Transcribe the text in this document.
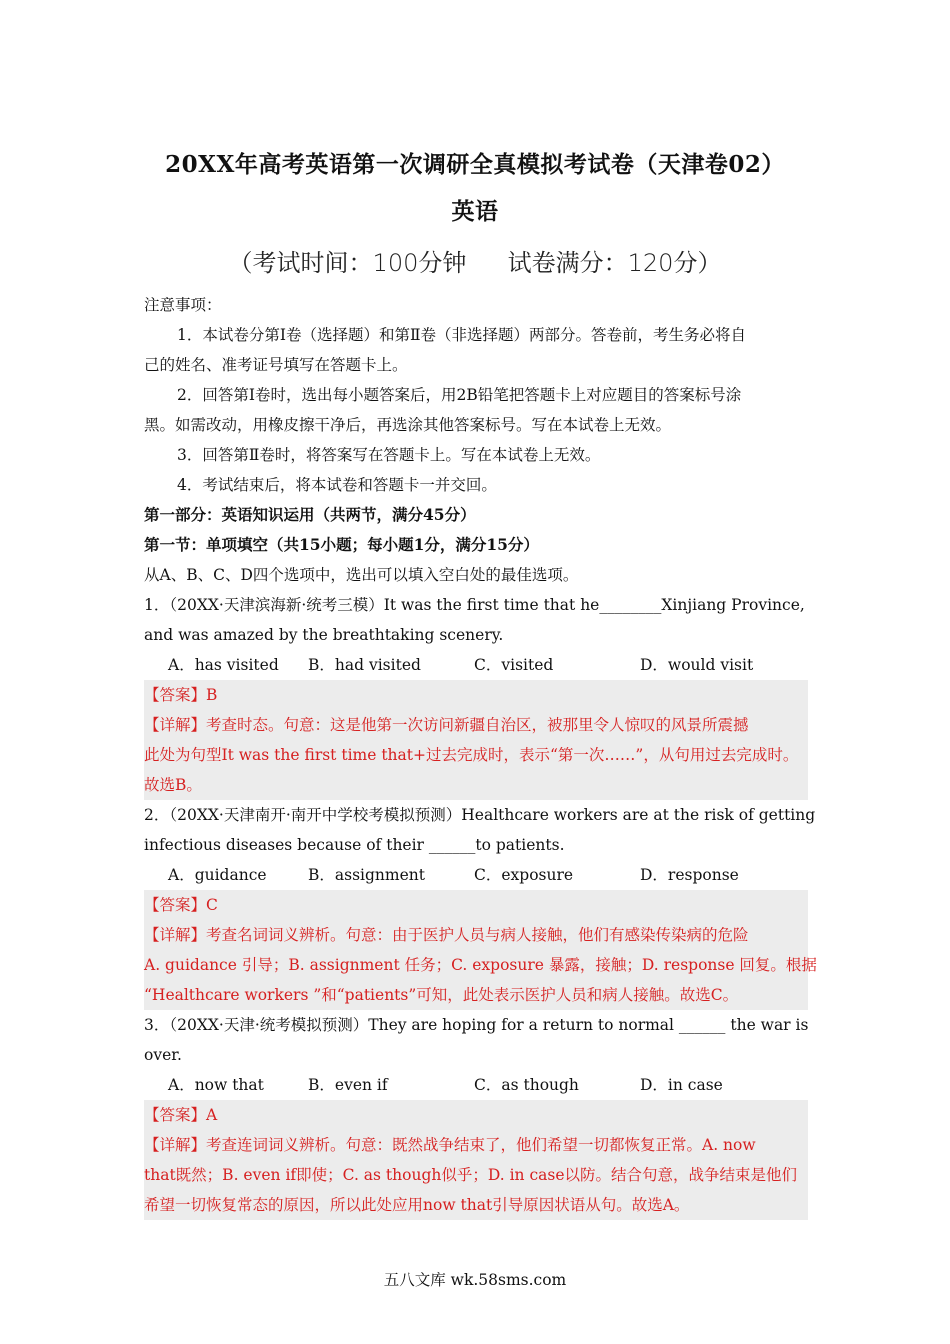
20XX年高考英语第一次调研全真模拟考试卷（天津卷02）
英语
（考试时间：100分钟 试卷满分：120分）
注意事项：
1．本试卷分第Ⅰ卷（选择题）和第Ⅱ卷（非选择题）两部分。答卷前，考生务必将自
己的姓名、准考证号填写在答题卡上。
2．回答第Ⅰ卷时，选出每小题答案后，用2B铅笔把答题卡上对应题目的答案标号涂
黑。如需改动，用橡皮擦干净后，再选涂其他答案标号。写在本试卷上无效。
3．回答第Ⅱ卷时，将答案写在答题卡上。写在本试卷上无效。
4．考试结束后，将本试卷和答题卡一并交回。
第一部分：英语知识运用（共两节，满分45分）
第一节：单项填空（共15小题；每小题1分，满分15分）
从A、B、C、D四个选项中，选出可以填入空白处的最佳选项。
1．（20XX·天津滨海新·统考三模）It was the first time that he________Xinjiang Province,
and was amazed by the breathtaking scenery.
A．has visited	B．had visited	C．visited	D．would visit
【答案】B
【详解】考查时态。句意：这是他第一次访问新疆自治区，被那里令人惊叹的风景所震撼
此处为句型It was the first time that+过去完成时，表示“第一次……”，从句用过去完成时。
故选B。
2．（20XX·天津南开·南开中学校考模拟预测）Healthcare workers are at the risk of getting
infectious diseases because of their ______to patients.
A．guidance	B．assignment	C．exposure	D．response
【答案】C
【详解】考查名词词义辨析。句意：由于医护人员与病人接触，他们有感染传染病的危险
A. guidance 引导；B. assignment 任务；C. exposure 暴露，接触；D. response 回复。根据
“Healthcare workers ”和“patients”可知，此处表示医护人员和病人接触。故选C。
3．（20XX·天津·统考模拟预测）They are hoping for a return to normal ______ the war is
over.
A．now that	B．even if	C．as though	D．in case
【答案】A
【详解】考查连词词义辨析。句意：既然战争结束了，他们希望一切都恢复正常。A. now
that既然；B. even if即使；C. as though似乎；D. in case以防。结合句意，战争结束是他们
希望一切恢复常态的原因，所以此处应用now that引导原因状语从句。故选A。
五八文库 wk.58sms.com
